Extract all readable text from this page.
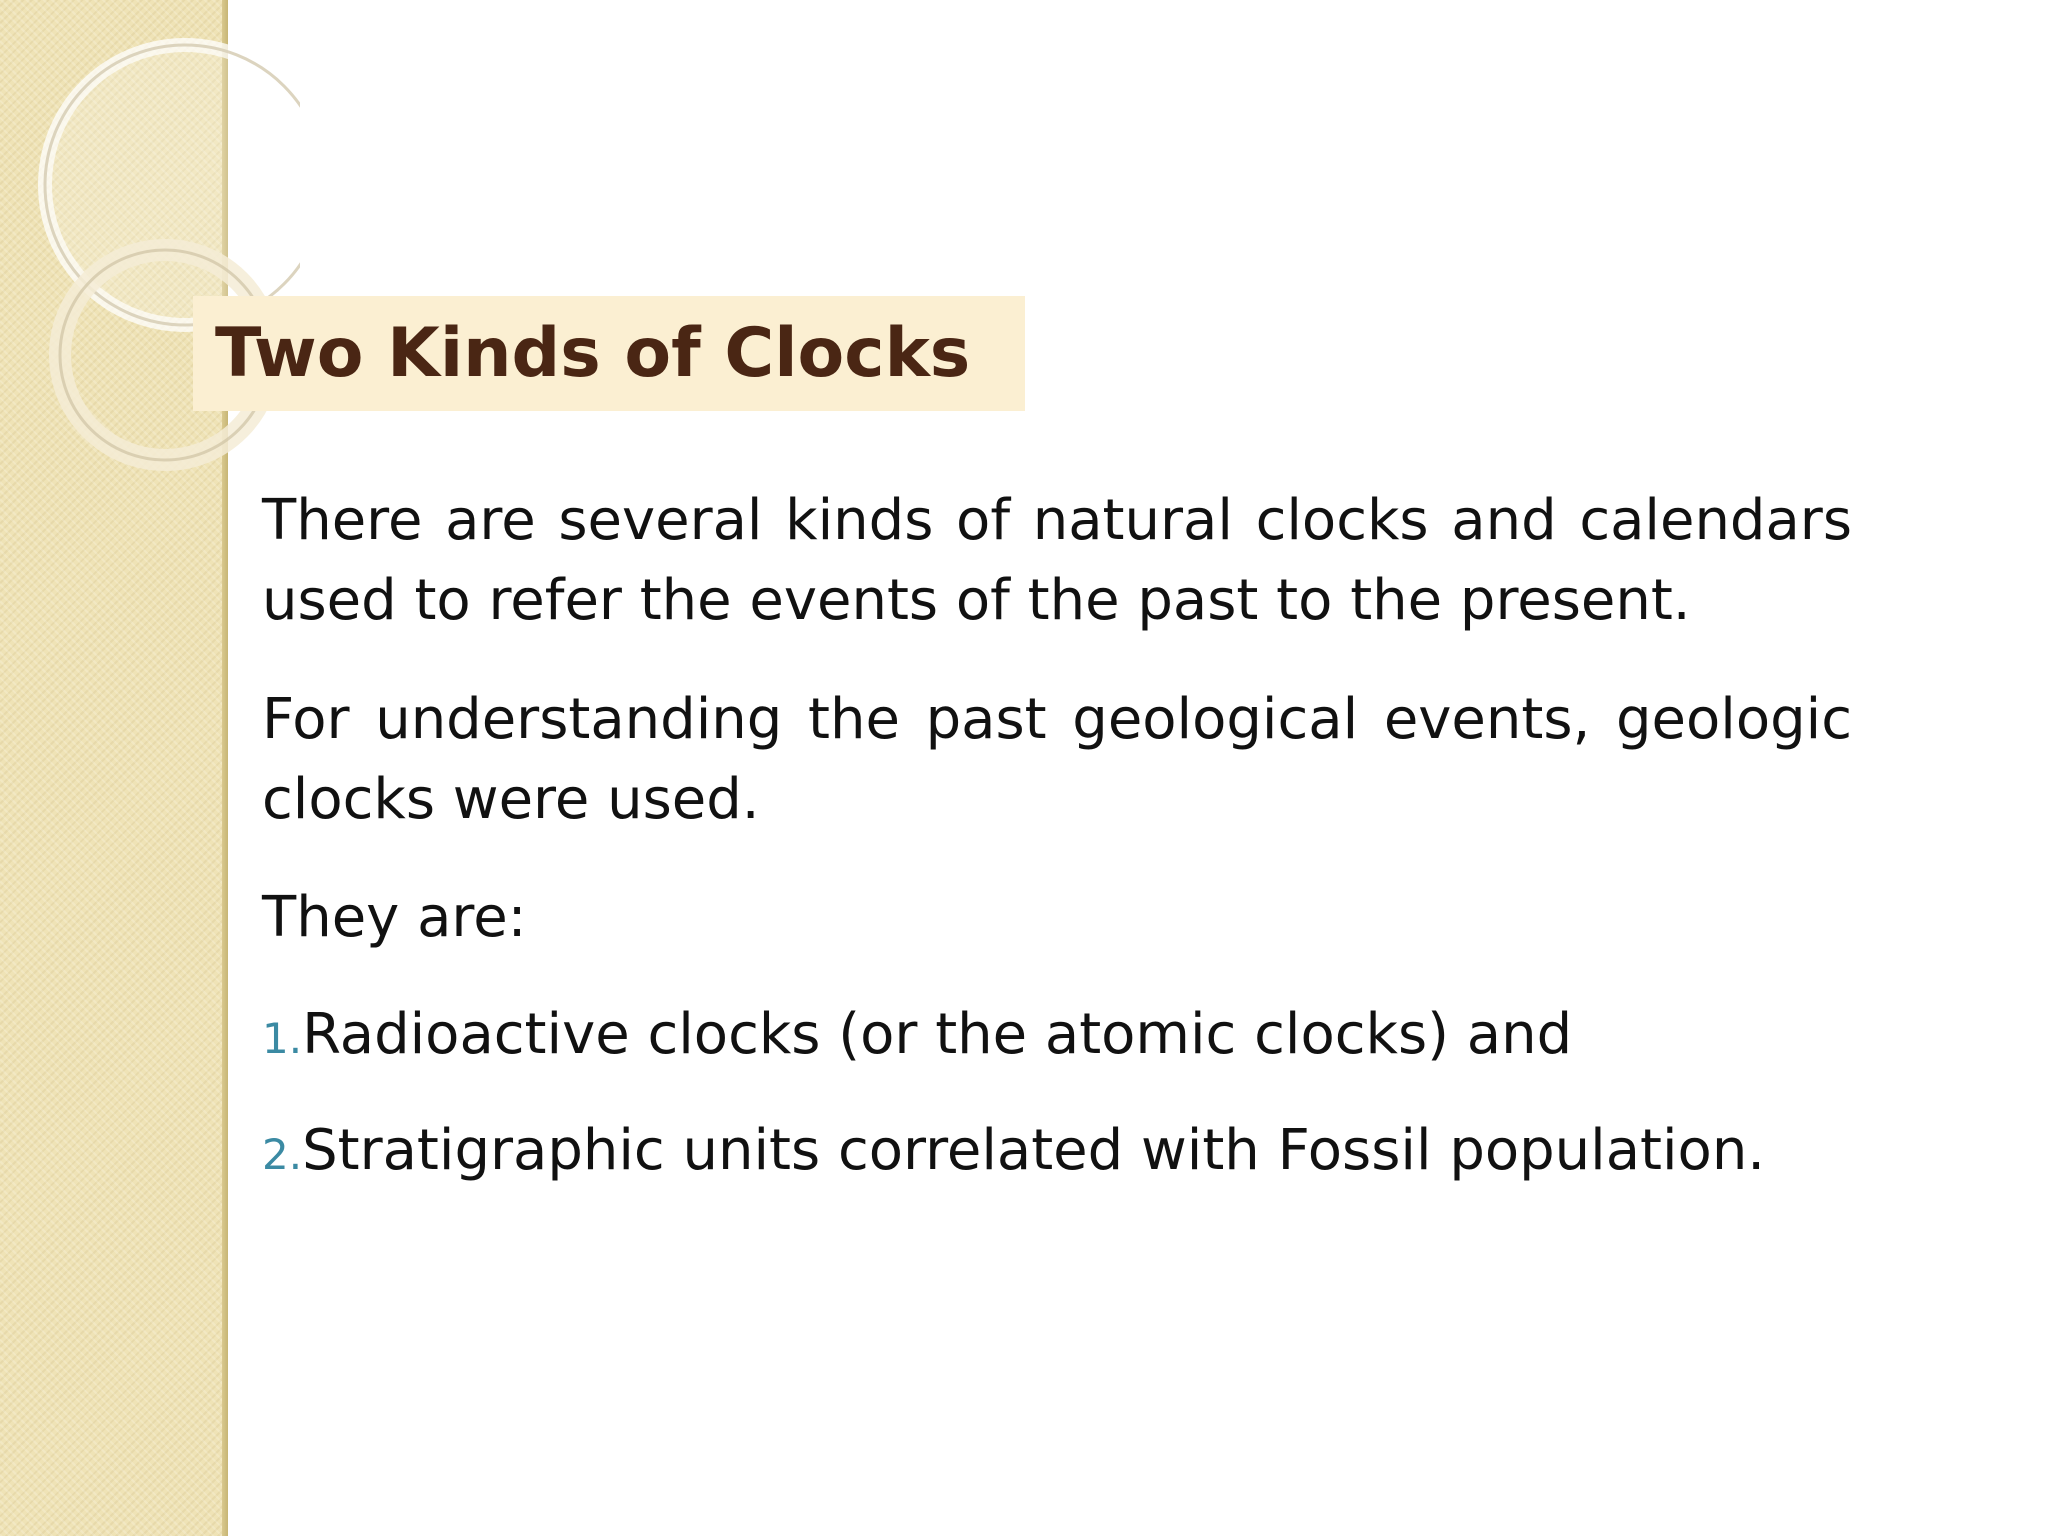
Two Kinds of Clocks

There are several kinds of natural clocks and calendars used to refer the events of the past to the present.

For understanding the past geological events, geologic clocks were used.

They are:

1.Radioactive clocks (or the atomic clocks) and

2.Stratigraphic units correlated with Fossil population.
